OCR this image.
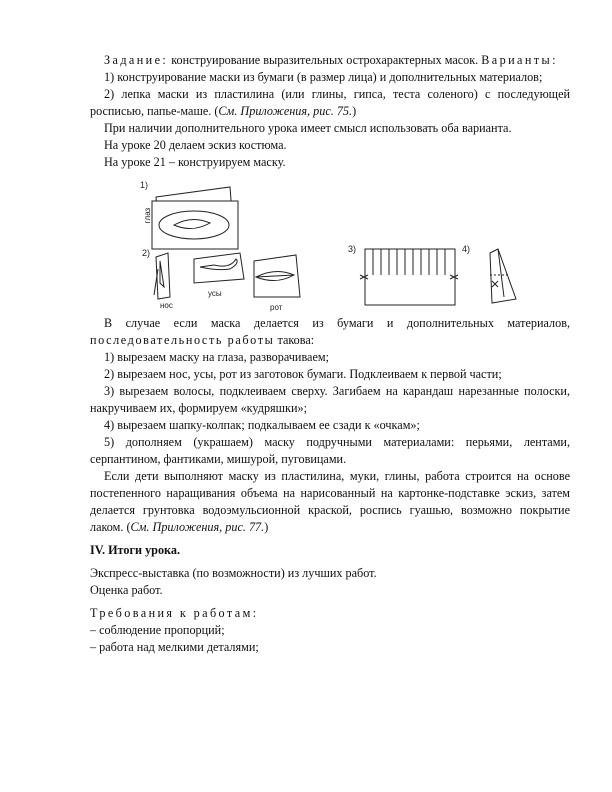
Задание: конструирование выразительных острохарактерных масок. Варианты:

1) конструирование маски из бумаги (в размер лица) и дополнительных материалов;

2) лепка маски из пластилина (или глины, гипса, теста соленого) с последующей росписью, папье-маше. (См. Приложения, рис. 75.)

При наличии дополнительного урока имеет смысл использовать оба варианта.

На уроке 20 делаем эскиз костюма.

На уроке 21 – конструируем маску.

1)
глаз
2)
нос
усы
рот
3)	4)

В случае если маска делается из бумаги и дополнительных материалов, последовательность работы такова:

1) вырезаем маску на глаза, разворачиваем;

2) вырезаем нос, усы, рот из заготовок бумаги. Подклеиваем к первой части;

3) вырезаем волосы, подклеиваем сверху. Загибаем на карандаш нарезанные полоски, накручиваем их, формируем «кудряшки»;

4) вырезаем шапку-колпак; подкалываем ее сзади к «очкам»;

5) дополняем (украшаем) маску подручными материалами: перьями, лентами, серпантином, фантиками, мишурой, пуговицами.

Если дети выполняют маску из пластилина, муки, глины, работа строится на основе постепенного наращивания объема на нарисованный на картонке-подставке эскиз, затем делается грунтовка водоэмульсионной краской, роспись гуашью, возможно покрытие лаком. (См. Приложения, рис. 77.)

IV. Итоги урока.

Экспресс-выставка (по возможности) из лучших работ.

Оценка работ.

Требования к работам:

– соблюдение пропорций;

– работа над мелкими деталями;
